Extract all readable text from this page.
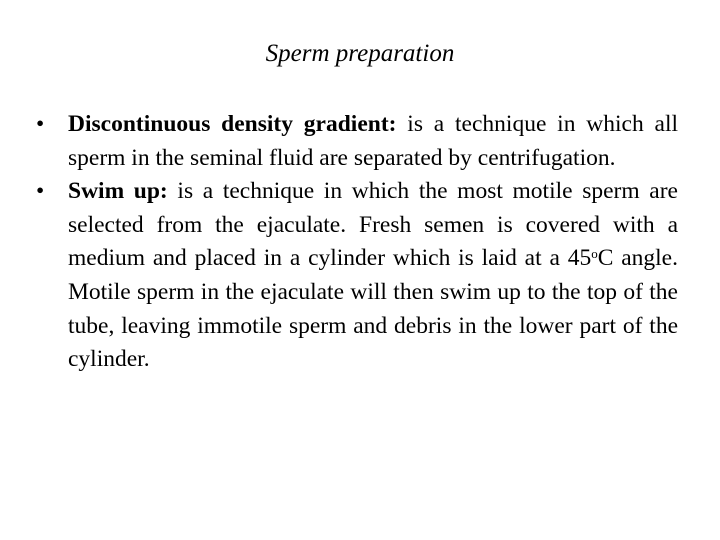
Sperm preparation
•	Discontinuous density gradient: is a technique in which all sperm in the seminal fluid are separated by centrifugation.
•	Swim up: is a technique in which the most motile sperm are selected from the ejaculate. Fresh semen is covered with a medium and placed in a cylinder which is laid at a 45$^o$C angle. Motile sperm in the ejaculate will then swim up to the top of the tube, leaving immotile sperm and debris in the lower part of the cylinder.
